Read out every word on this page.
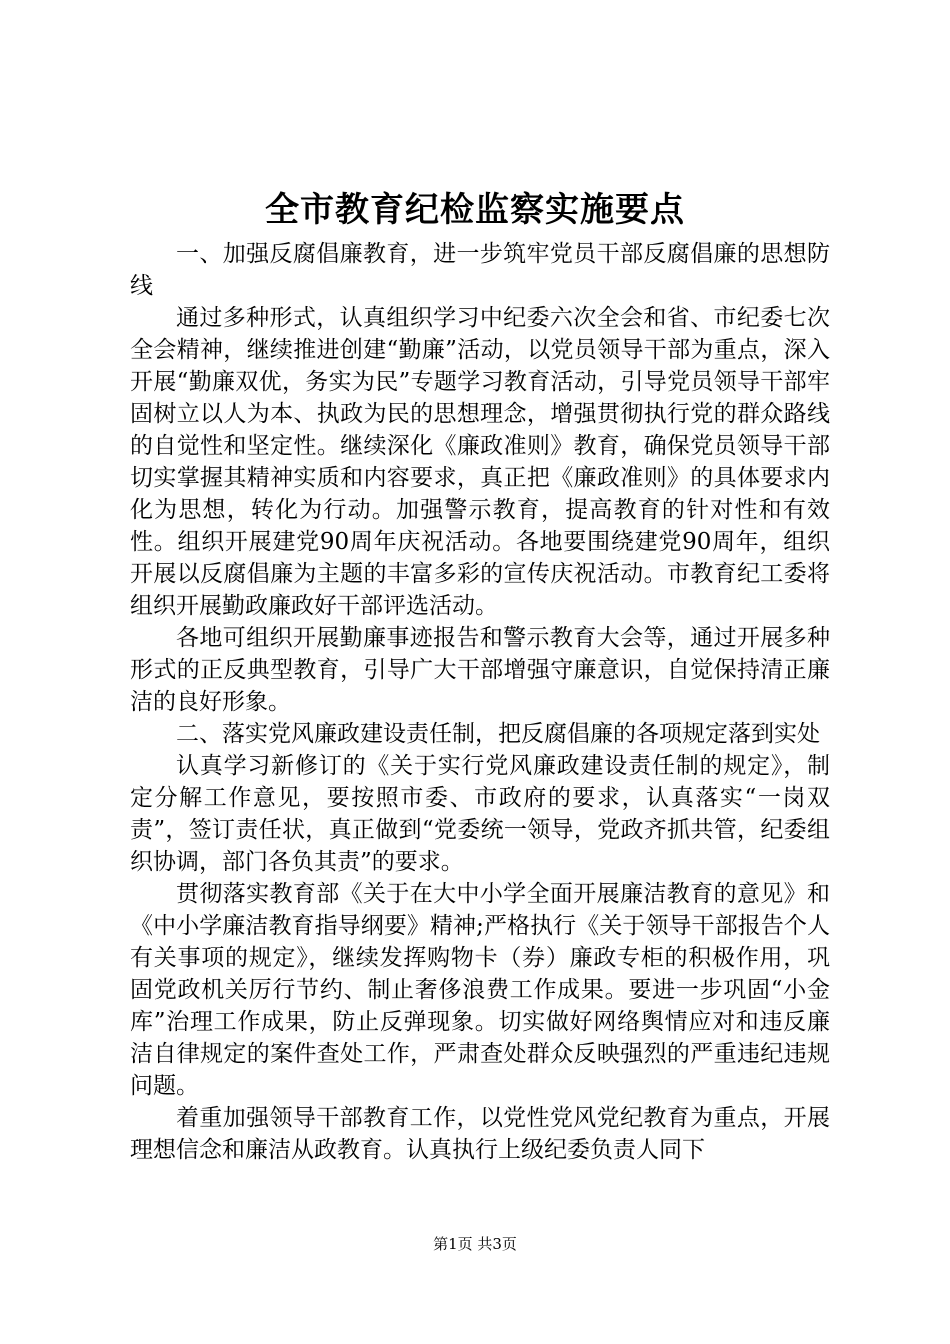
全市教育纪检监察实施要点

一、加强反腐倡廉教育，进一步筑牢党员干部反腐倡廉的思想防线

通过多种形式，认真组织学习中纪委六次全会和省、市纪委七次全会精神，继续推进创建“勤廉”活动，以党员领导干部为重点，深入开展“勤廉双优，务实为民”专题学习教育活动，引导党员领导干部牢固树立以人为本、执政为民的思想理念，增强贯彻执行党的群众路线的自觉性和坚定性。继续深化《廉政准则》教育，确保党员领导干部切实掌握其精神实质和内容要求，真正把《廉政准则》的具体要求内化为思想，转化为行动。加强警示教育，提高教育的针对性和有效性。组织开展建党90周年庆祝活动。各地要围绕建党90周年，组织开展以反腐倡廉为主题的丰富多彩的宣传庆祝活动。市教育纪工委将组织开展勤政廉政好干部评选活动。

各地可组织开展勤廉事迹报告和警示教育大会等，通过开展多种形式的正反典型教育，引导广大干部增强守廉意识，自觉保持清正廉洁的良好形象。

二、落实党风廉政建设责任制，把反腐倡廉的各项规定落到实处

认真学习新修订的《关于实行党风廉政建设责任制的规定》，制定分解工作意见，要按照市委、市政府的要求，认真落实“一岗双责”，签订责任状，真正做到“党委统一领导，党政齐抓共管，纪委组织协调，部门各负其责”的要求。

贯彻落实教育部《关于在大中小学全面开展廉洁教育的意见》和《中小学廉洁教育指导纲要》精神;严格执行《关于领导干部报告个人有关事项的规定》，继续发挥购物卡（券）廉政专柜的积极作用，巩固党政机关厉行节约、制止奢侈浪费工作成果。要进一步巩固“小金库”治理工作成果，防止反弹现象。切实做好网络舆情应对和违反廉洁自律规定的案件查处工作，严肃查处群众反映强烈的严重违纪违规问题。

着重加强领导干部教育工作，以党性党风党纪教育为重点，开展理想信念和廉洁从政教育。认真执行上级纪委负责人同下

第1页 共3页
